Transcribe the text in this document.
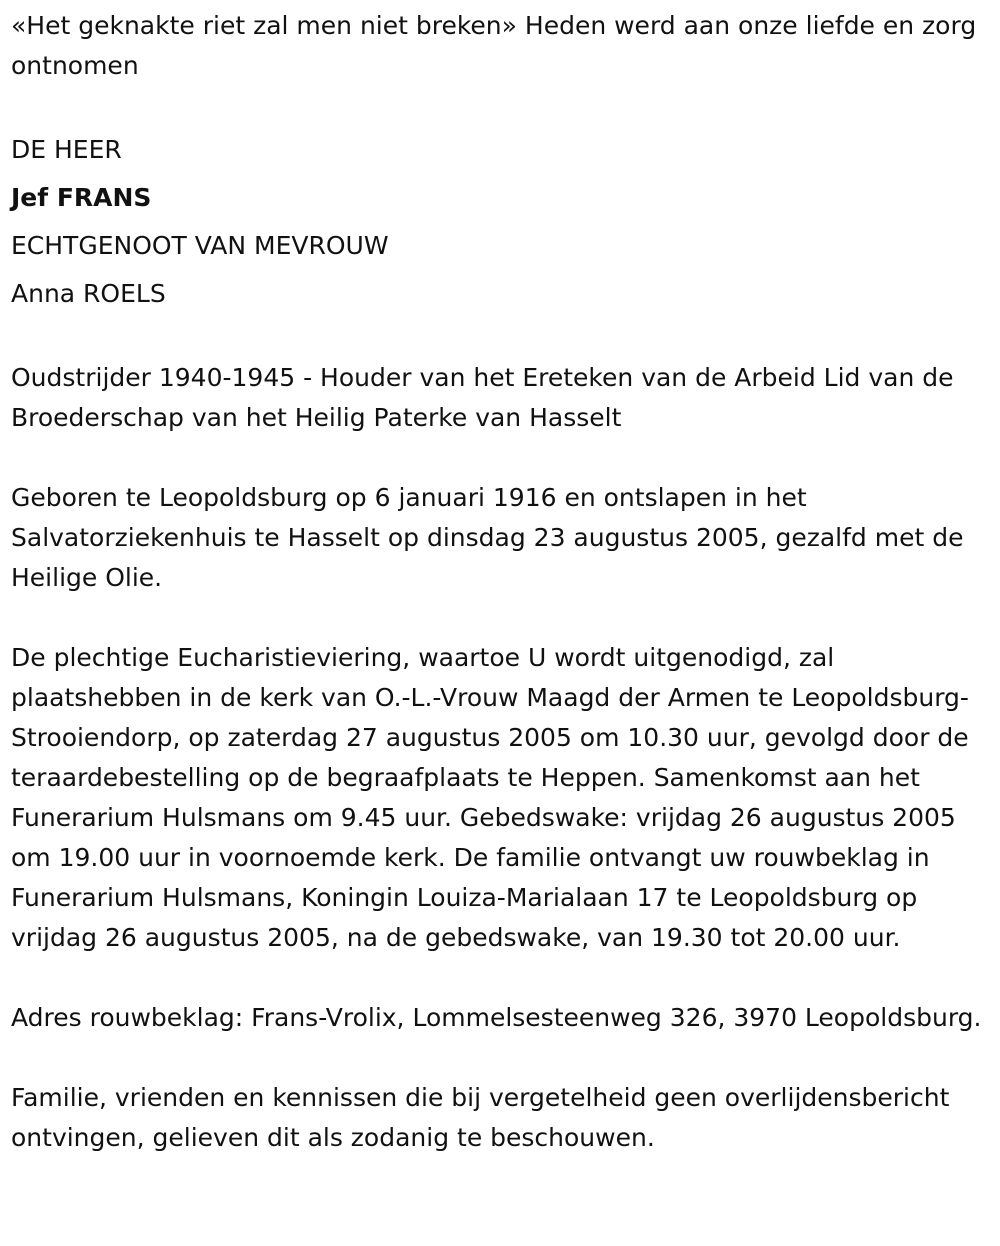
«Het geknakte riet zal men niet breken» Heden werd aan onze liefde en zorg ontnomen

DE HEER
Jef FRANS
ECHTGENOOT VAN MEVROUW
Anna ROELS

Oudstrijder 1940-1945 - Houder van het Ereteken van de Arbeid Lid van de Broederschap van het Heilig Paterke van Hasselt

Geboren te Leopoldsburg op 6 januari 1916 en ontslapen in het Salvatorziekenhuis te Hasselt op dinsdag 23 augustus 2005, gezalfd met de Heilige Olie.

De plechtige Eucharistieviering, waartoe U wordt uitgenodigd, zal plaatshebben in de kerk van O.-L.-Vrouw Maagd der Armen te Leopoldsburg-Strooiendorp, op zaterdag 27 augustus 2005 om 10.30 uur, gevolgd door de teraardebestelling op de begraafplaats te Heppen. Samenkomst aan het Funerarium Hulsmans om 9.45 uur. Gebedswake: vrijdag 26 augustus 2005 om 19.00 uur in voornoemde kerk. De familie ontvangt uw rouwbeklag in Funerarium Hulsmans, Koningin Louiza-Marialaan 17 te Leopoldsburg op vrijdag 26 augustus 2005, na de gebedswake, van 19.30 tot 20.00 uur.

Adres rouwbeklag: Frans-Vrolix, Lommelsesteenweg 326, 3970 Leopoldsburg.

Familie, vrienden en kennissen die bij vergetelheid geen overlijdensbericht ontvingen, gelieven dit als zodanig te beschouwen.
